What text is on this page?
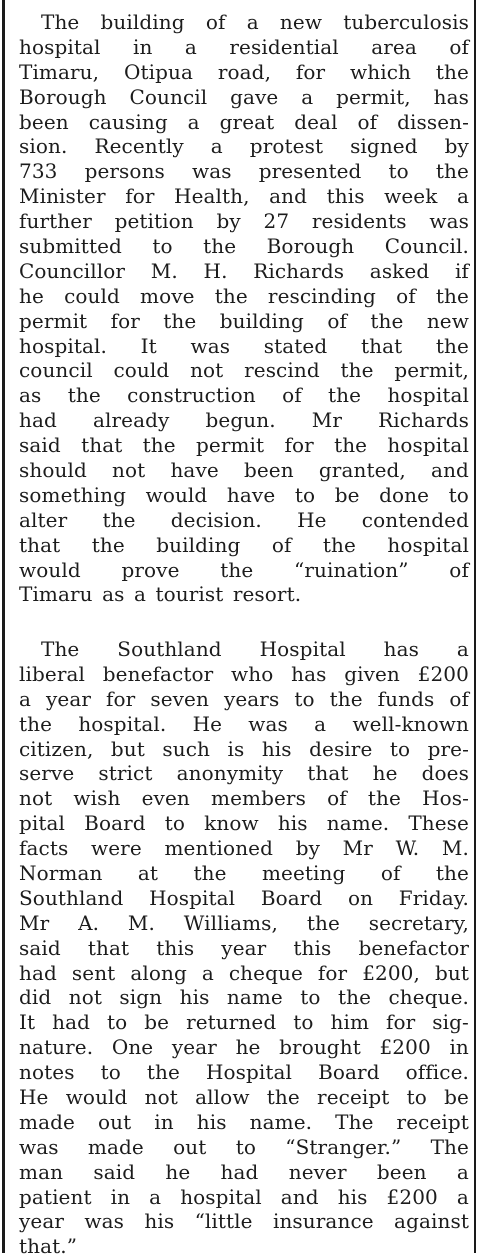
The building of a new tuberculosis
hospital in a residential area of
Timaru, Otipua road, for which the
Borough Council gave a permit, has
been causing a great deal of dissen-
sion. Recently a protest signed by
733 persons was presented to the
Minister for Health, and this week a
further petition by 27 residents was
submitted to the Borough Council.
Councillor M. H. Richards asked if
he could move the rescinding of the
permit for the building of the new
hospital. It was stated that the
council could not rescind the permit,
as the construction of the hospital
had already begun. Mr Richards
said that the permit for the hospital
should not have been granted, and
something would have to be done to
alter the decision. He contended
that the building of the hospital
would prove the “ruination” of
Timaru as a tourist resort.
The Southland Hospital has a
liberal benefactor who has given £200
a year for seven years to the funds of
the hospital. He was a well-known
citizen, but such is his desire to pre-
serve strict anonymity that he does
not wish even members of the Hos-
pital Board to know his name. These
facts were mentioned by Mr W. M.
Norman at the meeting of the
Southland Hospital Board on Friday.
Mr A. M. Williams, the secretary,
said that this year this benefactor
had sent along a cheque for £200, but
did not sign his name to the cheque.
It had to be returned to him for sig-
nature. One year he brought £200 in
notes to the Hospital Board office.
He would not allow the receipt to be
made out in his name. The receipt
was made out to “Stranger.” The
man said he had never been a
patient in a hospital and his £200 a
year was his “little insurance against
that.”
